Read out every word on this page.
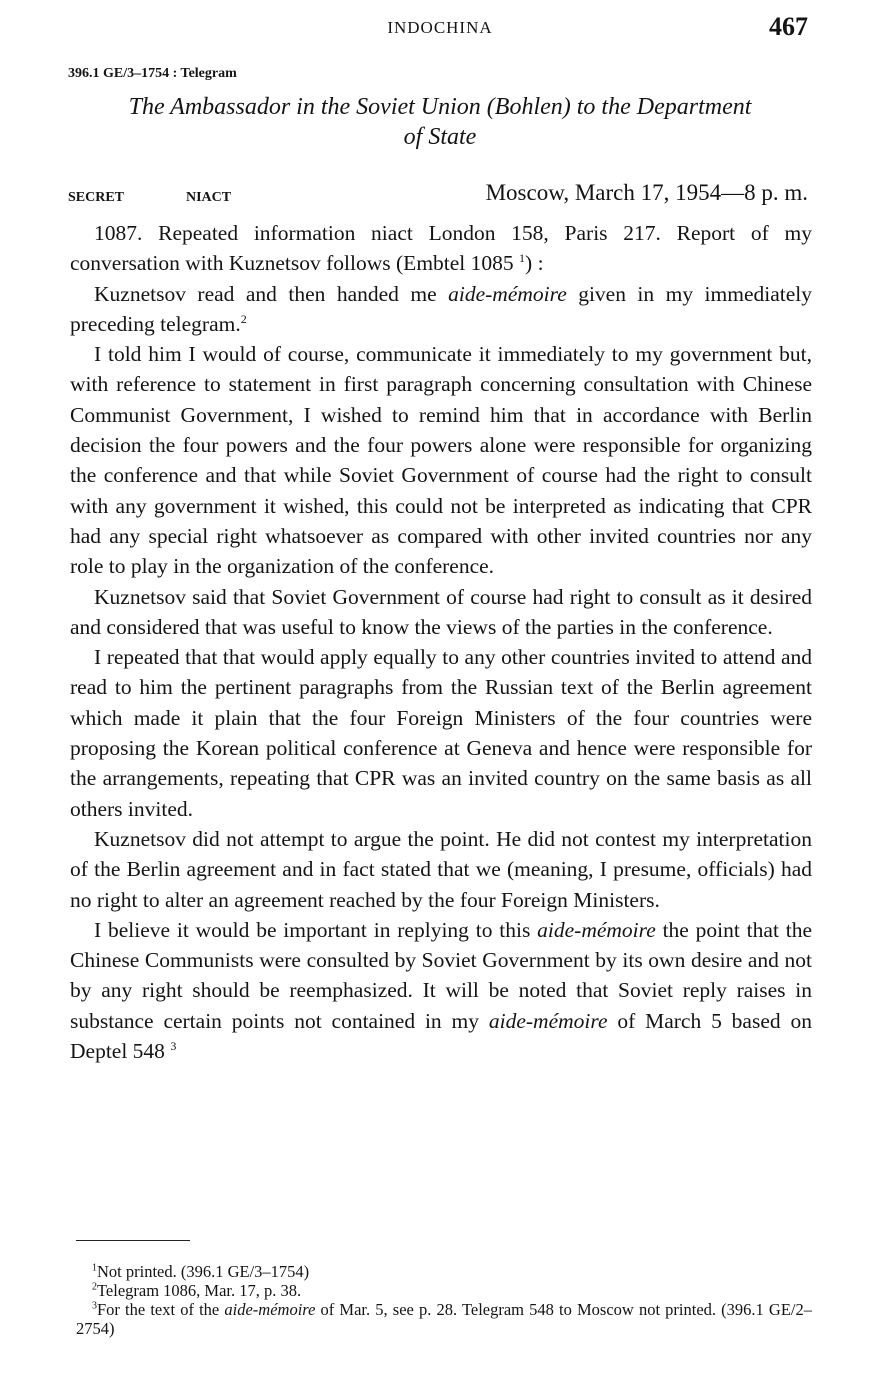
INDOCHINA	467
396.1 GE/3–1754 : Telegram
The Ambassador in the Soviet Union (Bohlen) to the Department
of State
SECRET	NIACT	Moscow, March 17, 1954—8 p. m.

1087. Repeated information niact London 158, Paris 217. Report of my conversation with Kuznetsov follows (Embtel 1085 $^1$) :

Kuznetsov read and then handed me aide-mémoire given in my immediately preceding telegram.$^2$

I told him I would of course, communicate it immediately to my government but, with reference to statement in first paragraph concerning consultation with Chinese Communist Government, I wished to remind him that in accordance with Berlin decision the four powers and the four powers alone were responsible for organizing the conference and that while Soviet Government of course had the right to consult with any government it wished, this could not be interpreted as indicating that CPR had any special right whatsoever as compared with other invited countries nor any role to play in the organization of the conference.

Kuznetsov said that Soviet Government of course had right to consult as it desired and considered that was useful to know the views of the parties in the conference.

I repeated that that would apply equally to any other countries invited to attend and read to him the pertinent paragraphs from the Russian text of the Berlin agreement which made it plain that the four Foreign Ministers of the four countries were proposing the Korean political conference at Geneva and hence were responsible for the arrangements, repeating that CPR was an invited country on the same basis as all others invited.

Kuznetsov did not attempt to argue the point. He did not contest my interpretation of the Berlin agreement and in fact stated that we (meaning, I presume, officials) had no right to alter an agreement reached by the four Foreign Ministers.

I believe it would be important in replying to this aide-mémoire the point that the Chinese Communists were consulted by Soviet Government by its own desire and not by any right should be reemphasized. It will be noted that Soviet reply raises in substance certain points not contained in my aide-mémoire of March 5 based on Deptel 548 $^3$

$^1$Not printed. (396.1 GE/3–1754)

$^2$Telegram 1086, Mar. 17, p. 38.

$^3$For the text of the aide-mémoire of Mar. 5, see p. 28. Telegram 548 to Moscow not printed. (396.1 GE/2–2754)
